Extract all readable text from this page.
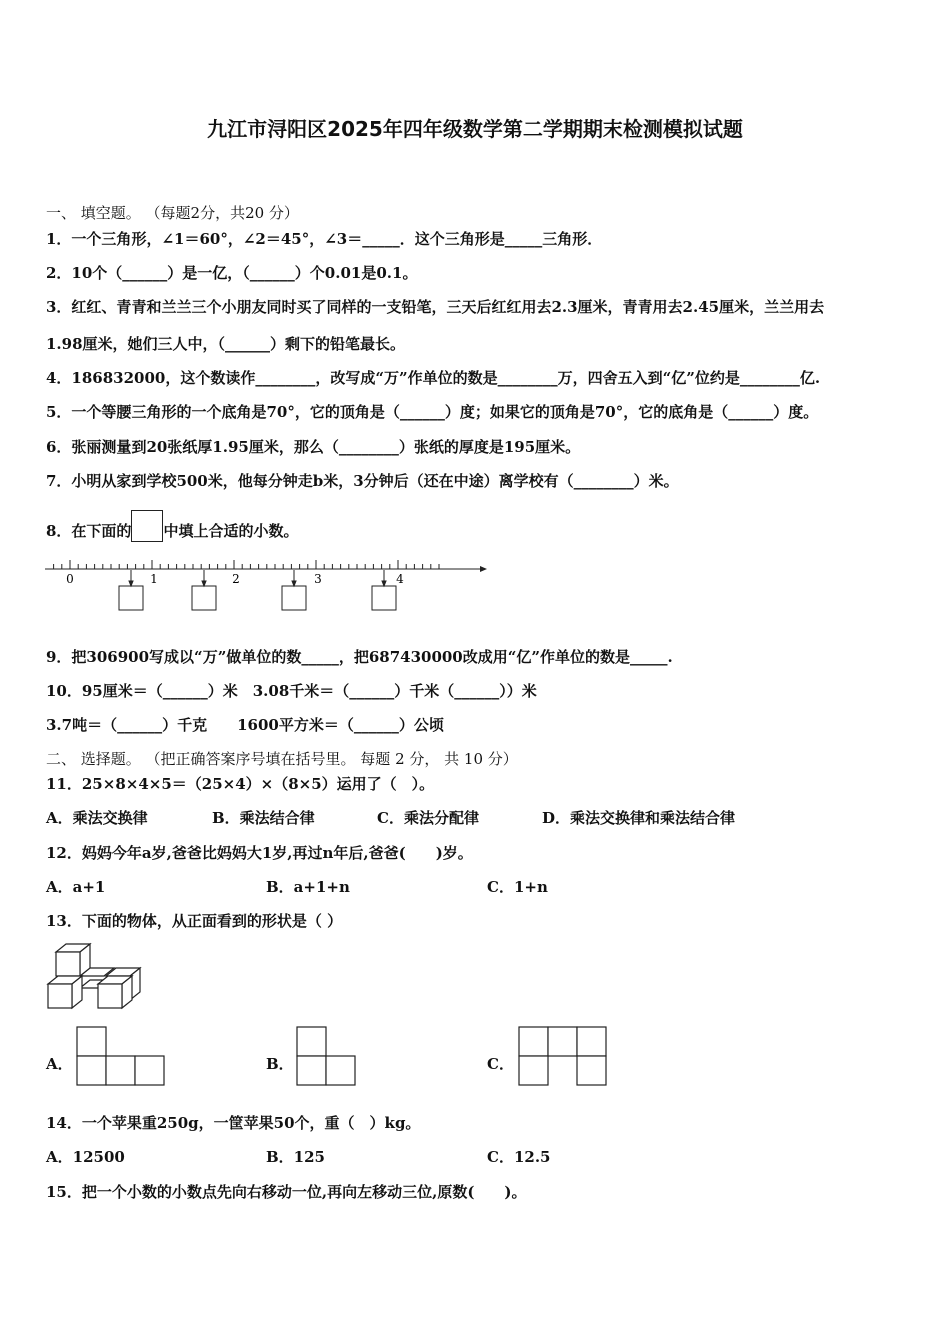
九江市浔阳区2025年四年级数学第二学期期末检测模拟试题
一、 填空题。 （每题2分，共20 分）
1．一个三角形，∠1＝60°，∠2＝45°，∠3＝_____．这个三角形是_____三角形．
2．10个（______）是一亿，（______）个0.01是0.1。
3．红红、青青和兰兰三个小朋友同时买了同样的一支铅笔，三天后红红用去2.3厘米，青青用去2.45厘米，兰兰用去
1.98厘米，她们三人中，（______）剩下的铅笔最长。
4．186832000，这个数读作________，改写成“万”作单位的数是________万，四舍五入到“亿”位约是________亿.
5．一个等腰三角形的一个底角是70°，它的顶角是（______）度；如果它的顶角是70°，它的底角是（______）度。
6．张丽测量到20张纸厚1.95厘米，那么（________）张纸的厚度是195厘米。
7．小明从家到学校500米，他每分钟走b米，3分钟后（还在中途）离学校有（________）米。
8．在下面的 中填上合适的小数。
0	1	2	3	4
9．把306900写成以“万”做单位的数_____，把687430000改成用“亿”作单位的数是_____.
10．95厘米＝（______）米　3.08千米＝（______）千米（______））米
3.7吨＝（______）千克　　1600平方米＝（______）公顷
二、 选择题。 （把正确答案序号填在括号里。 每题 2 分， 共 10 分）
11．25×8×4×5＝（25×4）×（8×5）运用了（　）。
A．乘法交换律	B．乘法结合律	C．乘法分配律	D．乘法交换律和乘法结合律
12．妈妈今年a岁,爸爸比妈妈大1岁,再过n年后,爸爸(　　)岁。
A．a+1	B．a+1+n	C．1+n
13．下面的物体，从正面看到的形状是（ ）
A．	B．	C．
14．一个苹果重250g，一筐苹果50个，重（　）kg。
A．12500	B．125	C．12.5
15．把一个小数的小数点先向右移动一位,再向左移动三位,原数(　　)。
